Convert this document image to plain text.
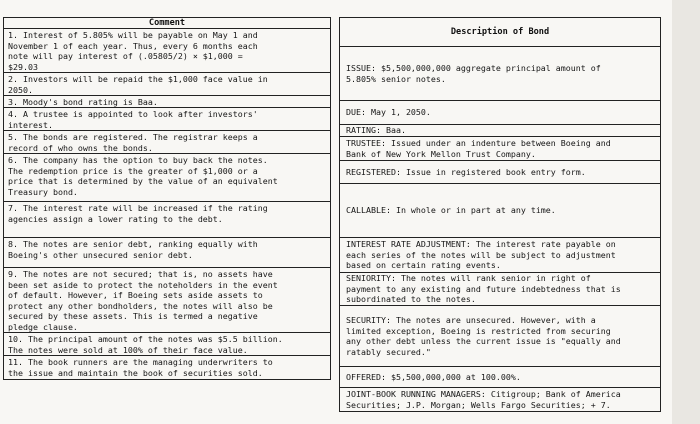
Comment
1. Interest of 5.805% will be payable on May 1 and
November 1 of each year. Thus, every 6 months each
note will pay interest of (.05805/2) × $1,000 =
$29.03
2. Investors will be repaid the $1,000 face value in
2050.
3. Moody's bond rating is Baa.
4. A trustee is appointed to look after investors'
interest.
5. The bonds are registered. The registrar keeps a
record of who owns the bonds.
6. The company has the option to buy back the notes.
The redemption price is the greater of $1,000 or a
price that is determined by the value of an equivalent
Treasury bond.
7. The interest rate will be increased if the rating
agencies assign a lower rating to the debt.
8. The notes are senior debt, ranking equally with
Boeing's other unsecured senior debt.
9. The notes are not secured; that is, no assets have
been set aside to protect the noteholders in the event
of default. However, if Boeing sets aside assets to
protect any other bondholders, the notes will also be
secured by these assets. This is termed a negative
pledge clause.
10. The principal amount of the notes was $5.5 billion.
The notes were sold at 100% of their face value.
11. The book runners are the managing underwriters to
the issue and maintain the book of securities sold.
Description of Bond
ISSUE: $5,500,000,000 aggregate principal amount of
5.805% senior notes.
DUE: May 1, 2050.
RATING: Baa.
TRUSTEE: Issued under an indenture between Boeing and
Bank of New York Mellon Trust Company.
REGISTERED: Issue in registered book entry form.
CALLABLE: In whole or in part at any time.
INTEREST RATE ADJUSTMENT: The interest rate payable on
each series of the notes will be subject to adjustment
based on certain rating events.
SENIORITY: The notes will rank senior in right of
payment to any existing and future indebtedness that is
subordinated to the notes.
SECURITY: The notes are unsecured. However, with a
limited exception, Boeing is restricted from securing
any other debt unless the current issue is "equally and
ratably secured."
OFFERED: $5,500,000,000 at 100.00%.
JOINT-BOOK RUNNING MANAGERS: Citigroup; Bank of America
Securities; J.P. Morgan; Wells Fargo Securities; + 7.
